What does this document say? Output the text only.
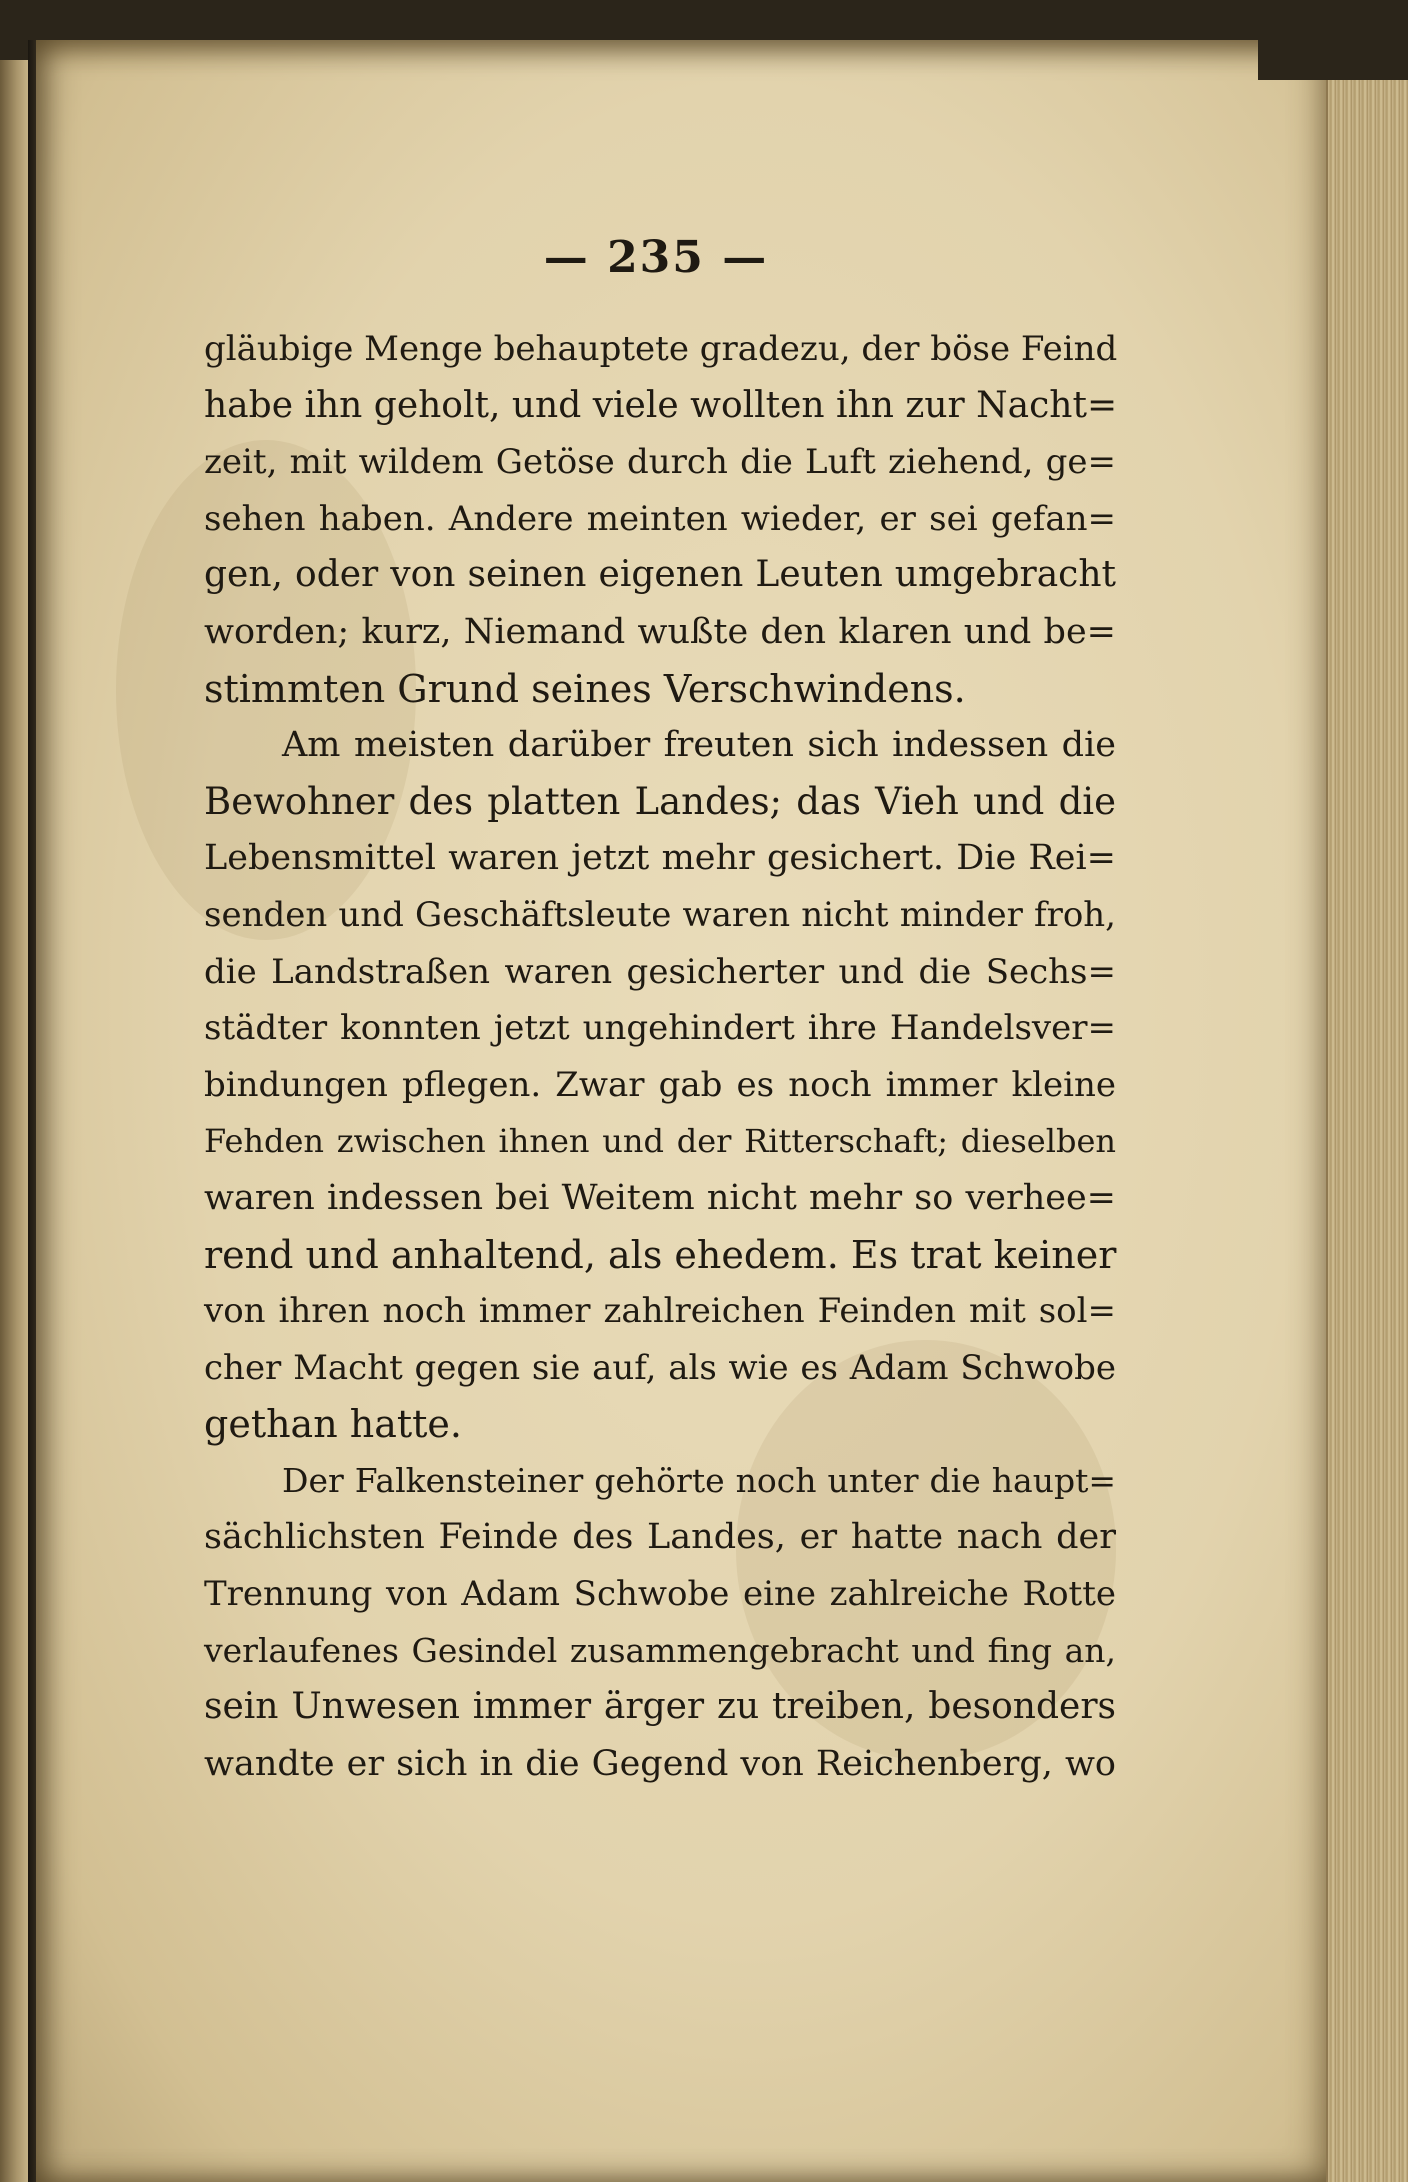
— 235 —
gläubige Menge behauptete gradezu, der böse Feind
habe ihn geholt, und viele wollten ihn zur Nacht=
zeit, mit wildem Getöse durch die Luft ziehend, ge=
sehen haben. Andere meinten wieder, er sei gefan=
gen, oder von seinen eigenen Leuten umgebracht
worden; kurz, Niemand wußte den klaren und be=
stimmten Grund seines Verschwindens.
Am meisten darüber freuten sich indessen die
Bewohner des platten Landes; das Vieh und die
Lebensmittel waren jetzt mehr gesichert. Die Rei=
senden und Geschäftsleute waren nicht minder froh,
die Landstraßen waren gesicherter und die Sechs=
städter konnten jetzt ungehindert ihre Handelsver=
bindungen pflegen. Zwar gab es noch immer kleine
Fehden zwischen ihnen und der Ritterschaft; dieselben
waren indessen bei Weitem nicht mehr so verhee=
rend und anhaltend, als ehedem. Es trat keiner
von ihren noch immer zahlreichen Feinden mit sol=
cher Macht gegen sie auf, als wie es Adam Schwobe
gethan hatte.
Der Falkensteiner gehörte noch unter die haupt=
sächlichsten Feinde des Landes, er hatte nach der
Trennung von Adam Schwobe eine zahlreiche Rotte
verlaufenes Gesindel zusammengebracht und fing an,
sein Unwesen immer ärger zu treiben, besonders
wandte er sich in die Gegend von Reichenberg, wo
